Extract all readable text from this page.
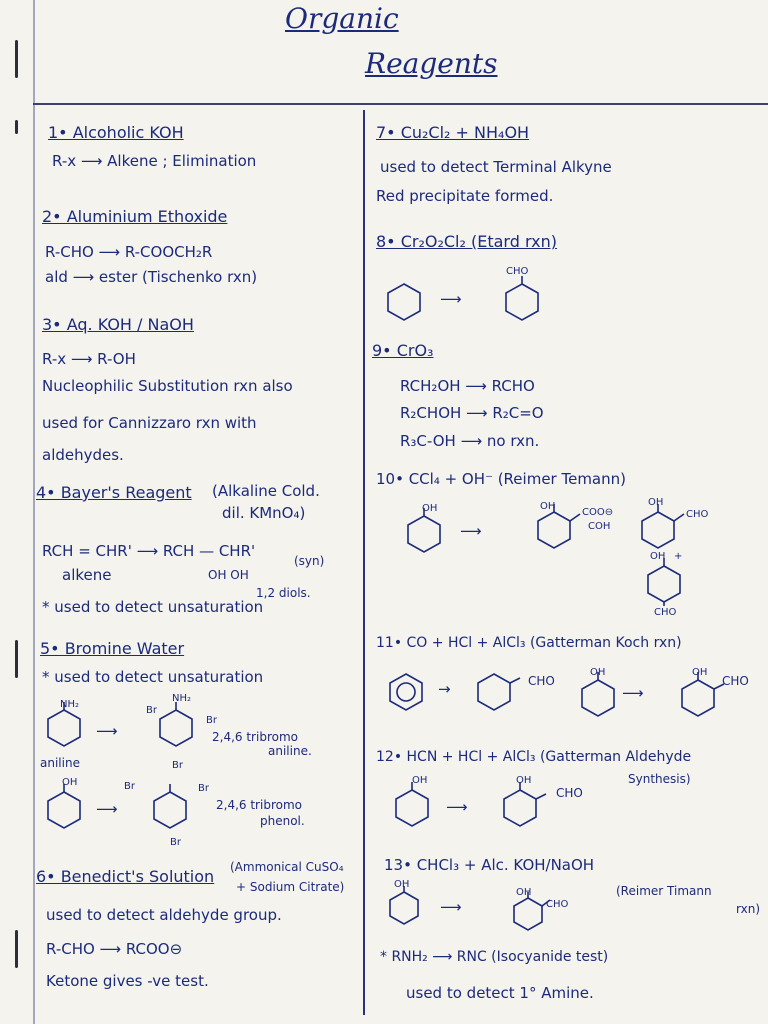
Organic
Reagents
1• Alcoholic KOH
R-x ⟶ Alkene ; Elimination
2• Aluminium Ethoxide
R-CHO ⟶ R-COOCH₂R
ald ⟶ ester (Tischenko rxn)
3• Aq. KOH / NaOH
R-x ⟶ R-OH
Nucleophilic Substitution rxn also
used for Cannizzaro rxn with
aldehydes.
4• Bayer's Reagent (Alkaline Cold.
dil. KMnO₄)
RCH = CHR' ⟶ RCH — CHR'
alkene	OH OH
(syn)
1,2 diols.
* used to detect unsaturation
5• Bromine Water
* used to detect unsaturation
NH₂
NH₂
Br
Br
Br
⟶	2,4,6 tribromo
aniline.
aniline
OH	Br	Br
Br
⟶	2,4,6 tribromo
phenol.
6• Benedict's Solution (Ammonical CuSO₄
+ Sodium Citrate)
used to detect aldehyde group.
R-CHO ⟶ RCOO⊖
Ketone gives -ve test.
7• Cu₂Cl₂ + NH₄OH
used to detect Terminal Alkyne
Red precipitate formed.
8• Cr₂O₂Cl₂ (Etard rxn)
CHO
⟶
9• CrO₃
RCH₂OH ⟶ RCHO
R₂CHOH ⟶ R₂C=O
R₃C-OH ⟶ no rxn.
10• CCl₄ + OH⁻ (Reimer Temann)
OH	OH	OH
⟶
COO⊖
COH
CHO
OH +
CHO
11• CO + HCl + AlCl₃ (Gatterman Koch rxn)
→	CHO
OH
⟶
OH
CHO
12• HCN + HCl + AlCl₃ (Gatterman Aldehyde
Synthesis)
OH
⟶
OH
CHO
13• CHCl₃ + Alc. KOH/NaOH
(Reimer Timann
rxn)
OH
⟶
OH
CHO
* RNH₂ ⟶ RNC (Isocyanide test)
used to detect 1° Amine.
